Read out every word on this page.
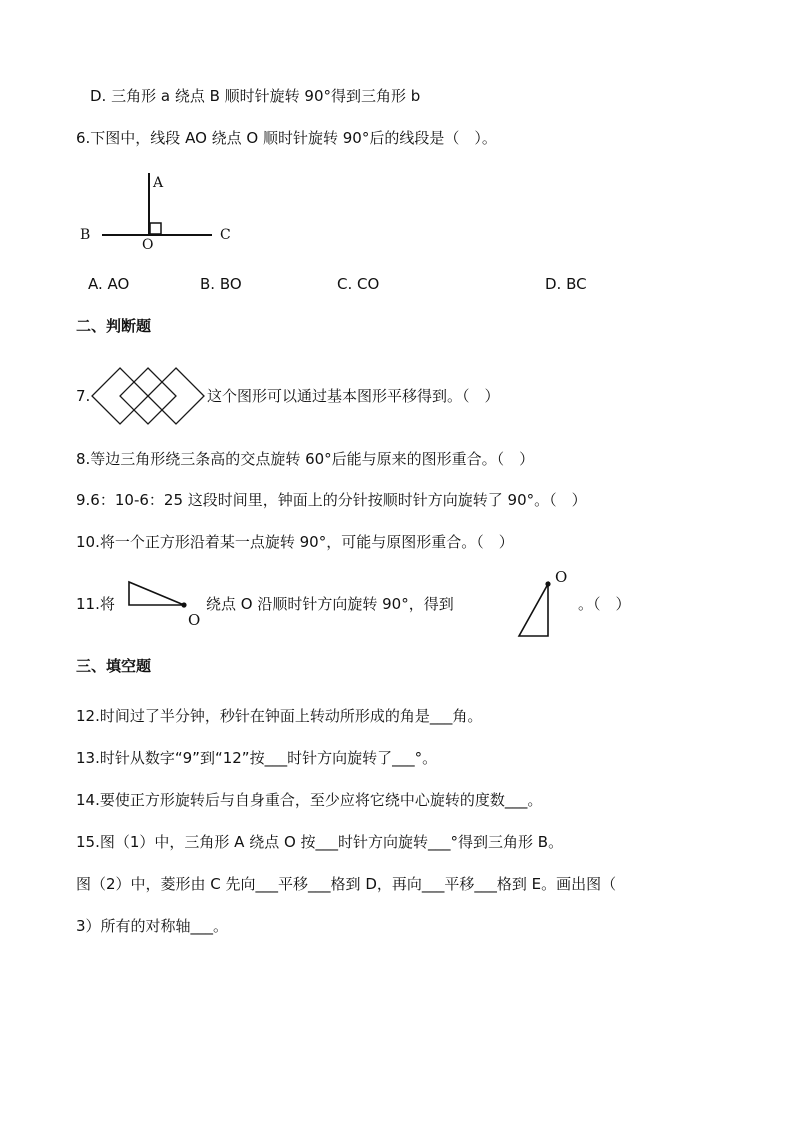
D. 三角形 a 绕点 B 顺时针旋转 90°得到三角形 b
6.下图中，线段 AO 绕点 O 顺时针旋转 90°后的线段是（　）。
A
B
O
C
A. AO	B. BO	C. CO	D. BC
二、判断题
7.	这个图形可以通过基本图形平移得到。（　）
8.等边三角形绕三条高的交点旋转 60°后能与原来的图形重合。（　）
9.6：10-6：25 这段时间里，钟面上的分针按顺时针方向旋转了 90°。（　）
10.将一个正方形沿着某一点旋转 90°，可能与原图形重合。（　）
11.将
O
绕点 O 沿顺时针方向旋转 90°，得到
O
。（　）
三、填空题
12.时间过了半分钟，秒针在钟面上转动所形成的角是___角。
13.时针从数字“9”到“12”按___时针方向旋转了___°。
14.要使正方形旋转后与自身重合，至少应将它绕中心旋转的度数___。
15.图（1）中，三角形 A 绕点 O 按___时针方向旋转___°得到三角形 B。
图（2）中，菱形由 C 先向___平移___格到 D，再向___平移___格到 E。画出图（
3）所有的对称轴___。
